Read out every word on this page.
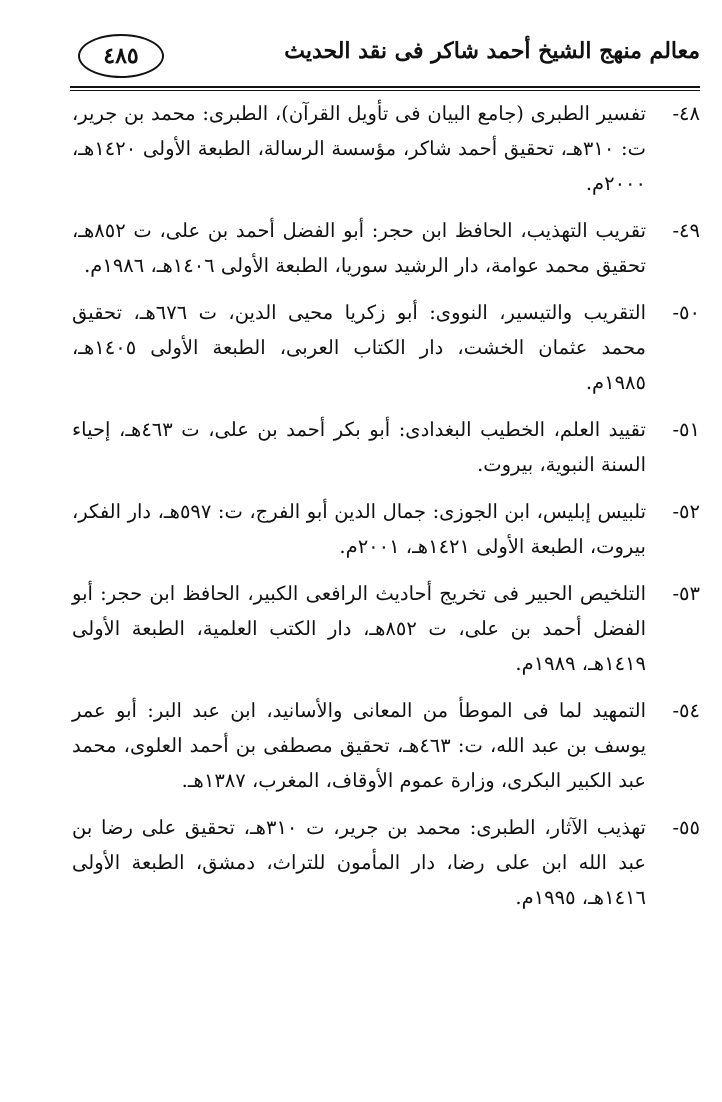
معالم منهج الشيخ أحمد شاكر فى نقد الحديث
٤٨٥
٤٨-
تفسير الطبرى (جامع البيان فى تأويل القرآن)، الطبرى: محمد بن جرير، ت: ٣١٠هـ، تحقيق أحمد شاكر، مؤسسة الرسالة، الطبعة الأولى ١٤٢٠هـ، ٢٠٠٠م.
٤٩-
تقريب التهذيب، الحافظ ابن حجر: أبو الفضل أحمد بن على، ت ٨٥٢هـ، تحقيق محمد عوامة، دار الرشيد سوريا، الطبعة الأولى ١٤٠٦هـ، ١٩٨٦م.
٥٠-
التقريب والتيسير، النووى: أبو زكريا محيى الدين، ت ٦٧٦هـ، تحقيق محمد عثمان الخشت، دار الكتاب العربى، الطبعة الأولى ١٤٠٥هـ، ١٩٨٥م.
٥١-
تقييد العلم، الخطيب البغدادى: أبو بكر أحمد بن على، ت ٤٦٣هـ، إحياء السنة النبوية، بيروت.
٥٢-
تلبيس إبليس، ابن الجوزى: جمال الدين أبو الفرج، ت: ٥٩٧هـ، دار الفكر، بيروت، الطبعة الأولى ١٤٢١هـ، ٢٠٠١م.
٥٣-
التلخيص الحبير فى تخريج أحاديث الرافعى الكبير، الحافظ ابن حجر: أبو الفضل أحمد بن على، ت ٨٥٢هـ، دار الكتب العلمية، الطبعة الأولى ١٤١٩هـ، ١٩٨٩م.
٥٤-
التمهيد لما فى الموطأ من المعانى والأسانيد، ابن عبد البر: أبو عمر يوسف بن عبد الله، ت: ٤٦٣هـ، تحقيق مصطفى بن أحمد العلوى، محمد عبد الكبير البكرى، وزارة عموم الأوقاف، المغرب، ١٣٨٧هـ.
٥٥-
تهذيب الآثار، الطبرى: محمد بن جرير، ت ٣١٠هـ، تحقيق على رضا بن عبد الله ابن على رضا، دار المأمون للتراث، دمشق، الطبعة الأولى ١٤١٦هـ، ١٩٩٥م.
